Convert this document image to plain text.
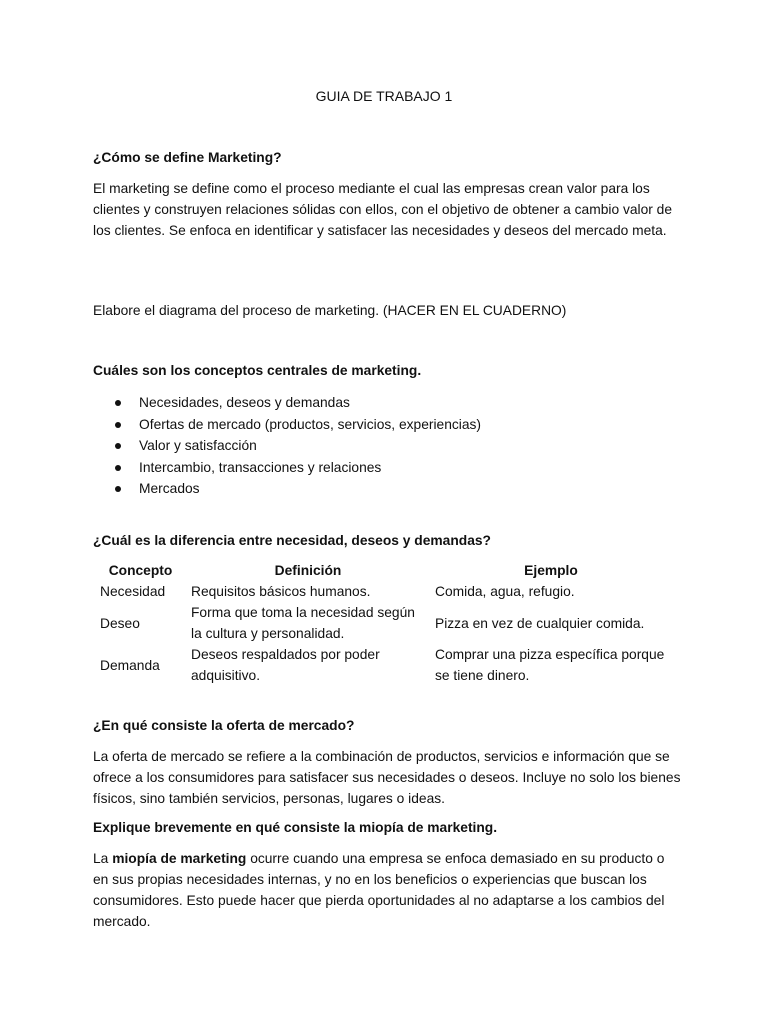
GUIA DE TRABAJO 1
¿Cómo se define Marketing?
El marketing se define como el proceso mediante el cual las empresas crean valor para los clientes y construyen relaciones sólidas con ellos, con el objetivo de obtener a cambio valor de los clientes. Se enfoca en identificar y satisfacer las necesidades y deseos del mercado meta.
Elabore el diagrama del proceso de marketing. (HACER EN EL CUADERNO)
Cuáles son los conceptos centrales de marketing.
Necesidades, deseos y demandas
Ofertas de mercado (productos, servicios, experiencias)
Valor y satisfacción
Intercambio, transacciones y relaciones
Mercados
¿Cuál es la diferencia entre necesidad, deseos y demandas?
Concepto	Definición	Ejemplo
Necesidad	Requisitos básicos humanos.	Comida, agua, refugio.
Deseo	Forma que toma la necesidad según la cultura y personalidad.	Pizza en vez de cualquier comida.
Demanda	Deseos respaldados por poder adquisitivo.	Comprar una pizza específica porque se tiene dinero.
¿En qué consiste la oferta de mercado?
La oferta de mercado se refiere a la combinación de productos, servicios e información que se ofrece a los consumidores para satisfacer sus necesidades o deseos. Incluye no solo los bienes físicos, sino también servicios, personas, lugares o ideas.
Explique brevemente en qué consiste la miopía de marketing.
La miopía de marketing ocurre cuando una empresa se enfoca demasiado en su producto o en sus propias necesidades internas, y no en los beneficios o experiencias que buscan los consumidores. Esto puede hacer que pierda oportunidades al no adaptarse a los cambios del mercado.
